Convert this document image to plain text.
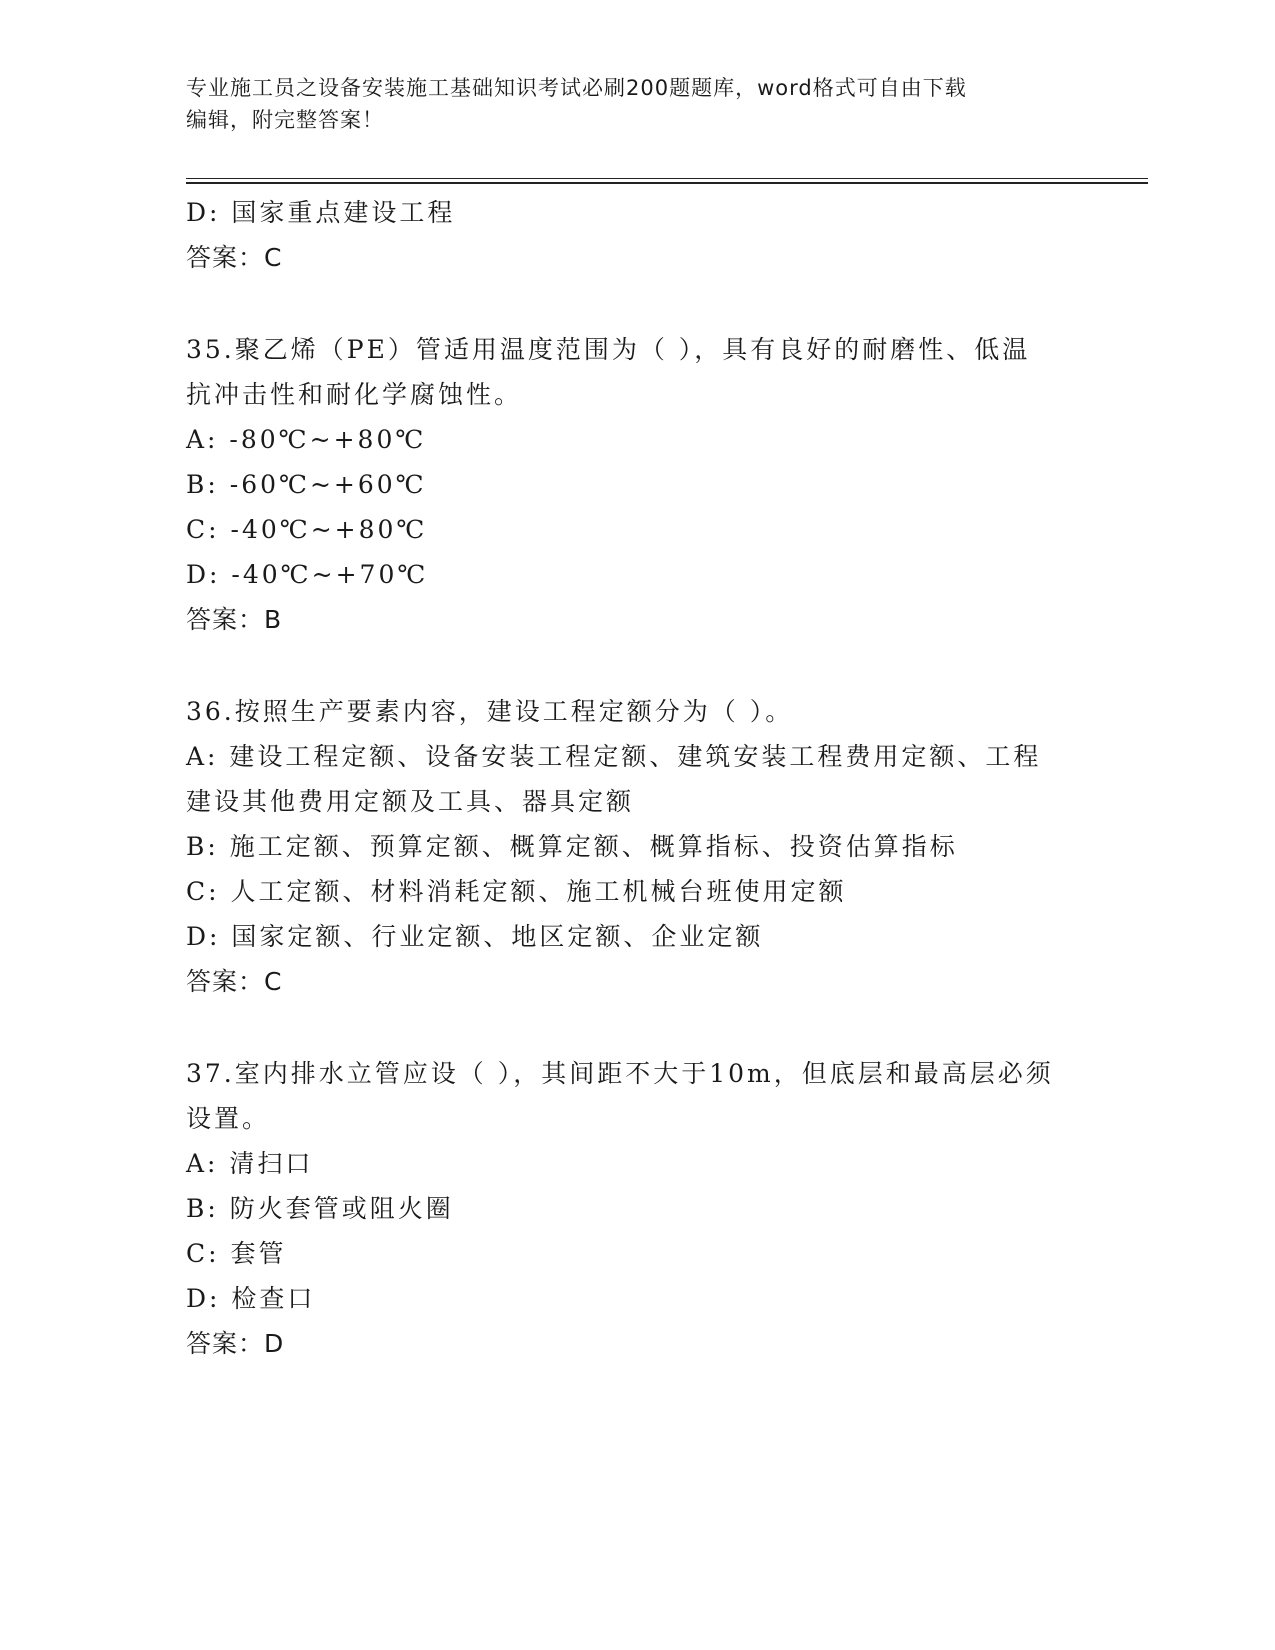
专业施工员之设备安装施工基础知识考试必刷200题题库，word格式可自由下载
编辑，附完整答案！
D: 国家重点建设工程
答案：C
35.聚乙烯（PE）管适用温度范围为（ ），具有良好的耐磨性、低温
抗冲击性和耐化学腐蚀性。
A: -80℃~+80℃
B: -60℃~+60℃
C: -40℃~+80℃
D: -40℃~+70℃
答案：B
36.按照生产要素内容，建设工程定额分为（ ）。
A: 建设工程定额、设备安装工程定额、建筑安装工程费用定额、工程
建设其他费用定额及工具、器具定额
B: 施工定额、预算定额、概算定额、概算指标、投资估算指标
C: 人工定额、材料消耗定额、施工机械台班使用定额
D: 国家定额、行业定额、地区定额、企业定额
答案：C
37.室内排水立管应设（ ），其间距不大于10m，但底层和最高层必须
设置。
A: 清扫口
B: 防火套管或阻火圈
C: 套管
D: 检查口
答案：D
